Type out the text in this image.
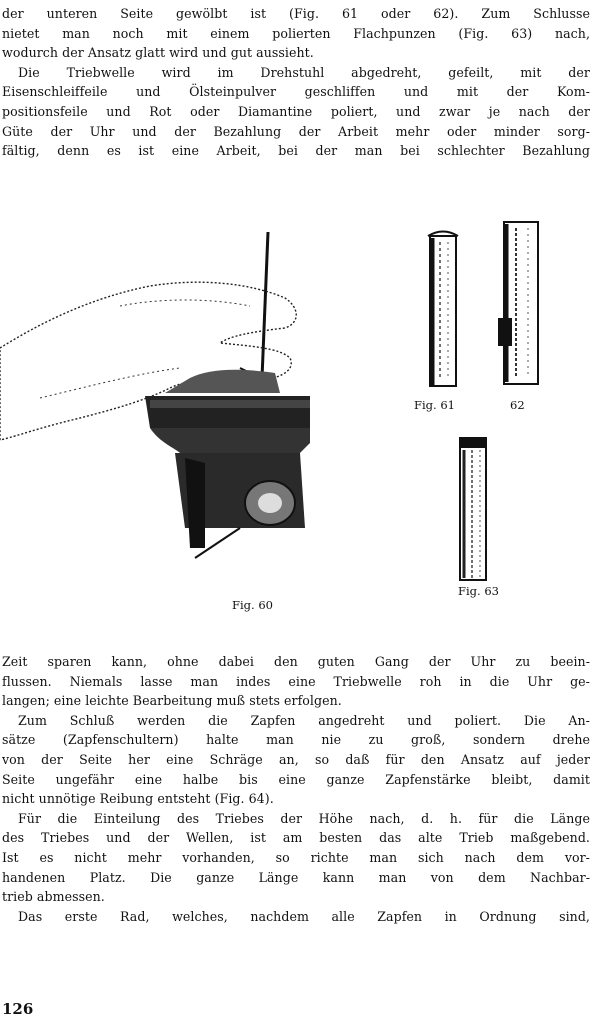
der unteren Seite gewölbt ist (Fig. 61 oder 62). Zum Schlusse
nietet man noch mit einem polierten Flachpunzen (Fig. 63) nach,
wodurch der Ansatz glatt wird und gut aussieht.
Die Triebwelle wird im Drehstuhl abgedreht, gefeilt, mit der
Eisenschleiffeile und Ölsteinpulver geschliffen und mit der Kom-
positionsfeile und Rot oder Diamantine poliert, und zwar je nach der
Güte der Uhr und der Bezahlung der Arbeit mehr oder minder sorg-
fältig, denn es ist eine Arbeit, bei der man bei schlechter Bezahlung
Fig. 60
Fig. 61	62
Fig. 63
Zeit sparen kann, ohne dabei den guten Gang der Uhr zu beein-
flussen. Niemals lasse man indes eine Triebwelle roh in die Uhr ge-
langen; eine leichte Bearbeitung muß stets erfolgen.
Zum Schluß werden die Zapfen angedreht und poliert. Die An-
sätze (Zapfenschultern) halte man nie zu groß, sondern drehe
von der Seite her eine Schräge an, so daß für den Ansatz auf jeder
Seite ungefähr eine halbe bis eine ganze Zapfenstärke bleibt, damit
nicht unnötige Reibung entsteht (Fig. 64).
Für die Einteilung des Triebes der Höhe nach, d. h. für die Länge
des Triebes und der Wellen, ist am besten das alte Trieb maßgebend.
Ist es nicht mehr vorhanden, so richte man sich nach dem vor-
handenen Platz. Die ganze Länge kann man von dem Nachbar-
trieb abmessen.
Das erste Rad, welches, nachdem alle Zapfen in Ordnung sind,
126
